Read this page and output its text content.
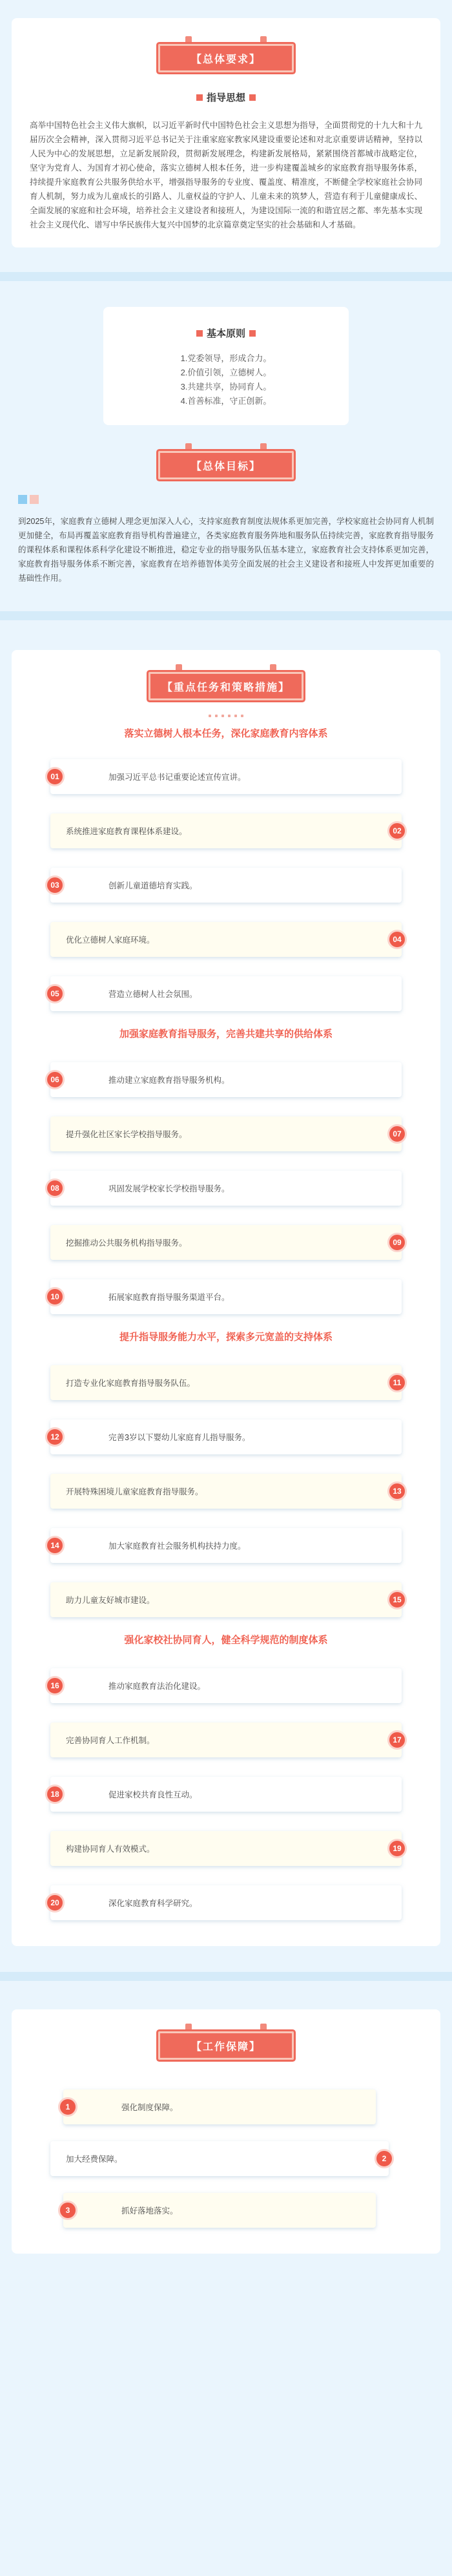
【总体要求】
指导思想

高举中国特色社会主义伟大旗帜，以习近平新时代中国特色社会主义思想为指导，全面贯彻党的十九大和十九届历次全会精神，深入贯彻习近平总书记关于注重家庭家教家风建设重要论述和对北京重要讲话精神，坚持以人民为中心的发展思想，立足新发展阶段，贯彻新发展理念，构建新发展格局，紧紧围绕首都城市战略定位，坚守为党育人、为国育才初心使命，落实立德树人根本任务，进一步构建覆盖城乡的家庭教育指导服务体系，持续提升家庭教育公共服务供给水平，增强指导服务的专业度、覆盖度、精准度，不断健全学校家庭社会协同育人机制，努力成为儿童成长的引路人、儿童权益的守护人、儿童未来的筑梦人，营造有利于儿童健康成长、全面发展的家庭和社会环境，培养社会主义建设者和接班人，为建设国际一流的和谐宜居之都、率先基本实现社会主义现代化、谱写中华民族伟大复兴中国梦的北京篇章奠定坚实的社会基础和人才基础。

基本原则
1.党委领导，形成合力。
2.价值引领，立德树人。
3.共建共享，协同育人。
4.首善标准，守正创新。
【总体目标】

到2025年，家庭教育立德树人理念更加深入人心，支持家庭教育制度法规体系更加完善，学校家庭社会协同育人机制更加健全，布局再覆盖家庭教育指导机构普遍建立，各类家庭教育服务阵地和服务队伍持续完善，家庭教育指导服务的课程体系和课程体系科学化建设不断推进，稳定专业的指导服务队伍基本建立，家庭教育社会支持体系更加完善，家庭教育指导服务体系不断完善，家庭教育在培养德智体美劳全面发展的社会主义建设者和接班人中发挥更加重要的基础性作用。

【重点任务和策略措施】
落实立德树人根本任务，深化家庭教育内容体系
加强习近平总书记重要论述宣传宣讲。
01
系统推进家庭教育课程体系建设。	02
创新儿童道德培育实践。
03
优化立德树人家庭环境。	04
营造立德树人社会氛围。
05
加强家庭教育指导服务，完善共建共享的供给体系
推动建立家庭教育指导服务机构。
06
提升强化社区家长学校指导服务。	07
巩固发展学校家长学校指导服务。
08
挖掘推动公共服务机构指导服务。	09
拓展家庭教育指导服务渠道平台。
10
提升指导服务能力水平，探索多元宽盖的支持体系
打造专业化家庭教育指导服务队伍。	11
完善3岁以下婴幼儿家庭育儿指导服务。
12
开展特殊困境儿童家庭教育指导服务。	13
加大家庭教育社会服务机构扶持力度。
14
助力儿童友好城市建设。	15
强化家校社协同育人，健全科学规范的制度体系
推动家庭教育法治化建设。
16
完善协同育人工作机制。	17
促进家校共育良性互动。
18
构建协同育人有效模式。	19
深化家庭教育科学研究。
20
【工作保障】
强化制度保障。
1
加大经费保障。	2
抓好落地落实。
3
